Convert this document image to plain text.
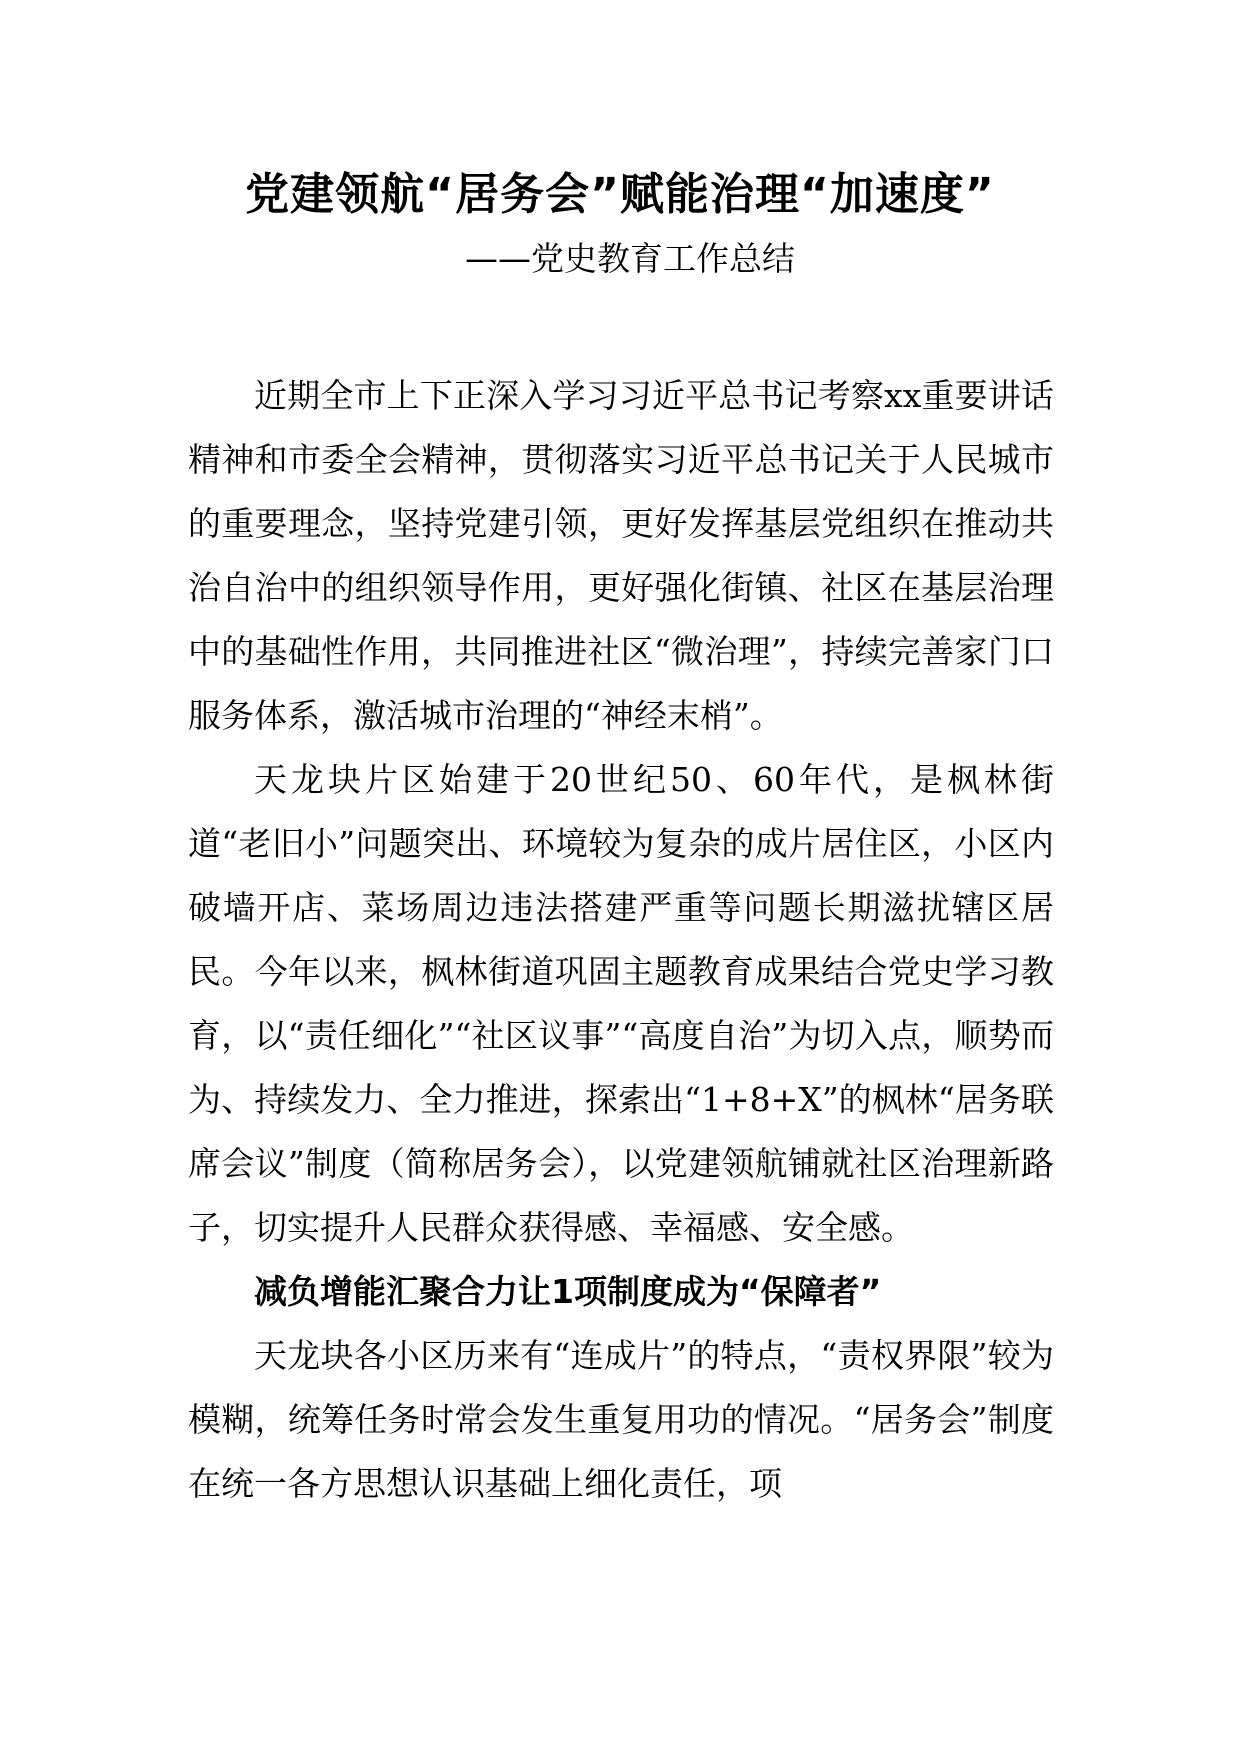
党建领航“居务会”赋能治理“加速度”
——党史教育工作总结

近期全市上下正深入学习习近平总书记考察xx重要讲话精神和市委全会精神，贯彻落实习近平总书记关于人民城市的重要理念，坚持党建引领，更好发挥基层党组织在推动共治自治中的组织领导作用，更好强化街镇、社区在基层治理中的基础性作用，共同推进社区“微治理”，持续完善家门口服务体系，激活城市治理的“神经末梢”。

天龙块片区始建于20世纪50、60年代，是枫林街道“老旧小”问题突出、环境较为复杂的成片居住区，小区内破墙开店、菜场周边违法搭建严重等问题长期滋扰辖区居民。今年以来，枫林街道巩固主题教育成果结合党史学习教育，以“责任细化”“社区议事”“高度自治”为切入点，顺势而为、持续发力、全力推进，探索出“1+8+X”的枫林“居务联席会议”制度（简称居务会），以党建领航铺就社区治理新路子，切实提升人民群众获得感、幸福感、安全感。

减负增能汇聚合力让1项制度成为“保障者”

天龙块各小区历来有“连成片”的特点，“责权界限”较为模糊，统筹任务时常会发生重复用功的情况。“居务会”制度在统一各方思想认识基础上细化责任，项
